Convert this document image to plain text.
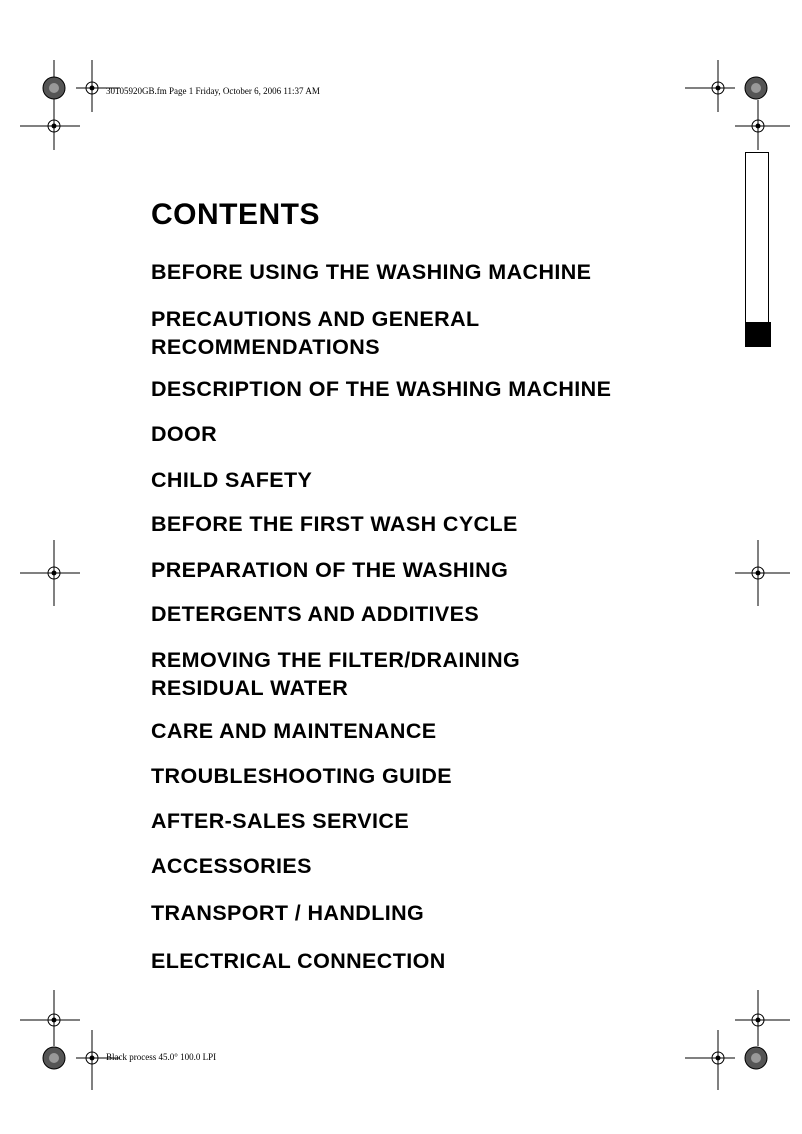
30105920GB.fm Page 1 Friday, October 6, 2006 11:37 AM
CONTENTS
BEFORE USING THE WASHING MACHINE
PRECAUTIONS AND GENERAL
RECOMMENDATIONS
DESCRIPTION OF THE WASHING MACHINE
DOOR
CHILD SAFETY
BEFORE THE FIRST WASH CYCLE
PREPARATION OF THE WASHING
DETERGENTS AND ADDITIVES
REMOVING THE FILTER/DRAINING
RESIDUAL WATER
CARE AND MAINTENANCE
TROUBLESHOOTING GUIDE
AFTER-SALES SERVICE
ACCESSORIES
TRANSPORT / HANDLING
ELECTRICAL CONNECTION
Black process 45.0° 100.0 LPI
